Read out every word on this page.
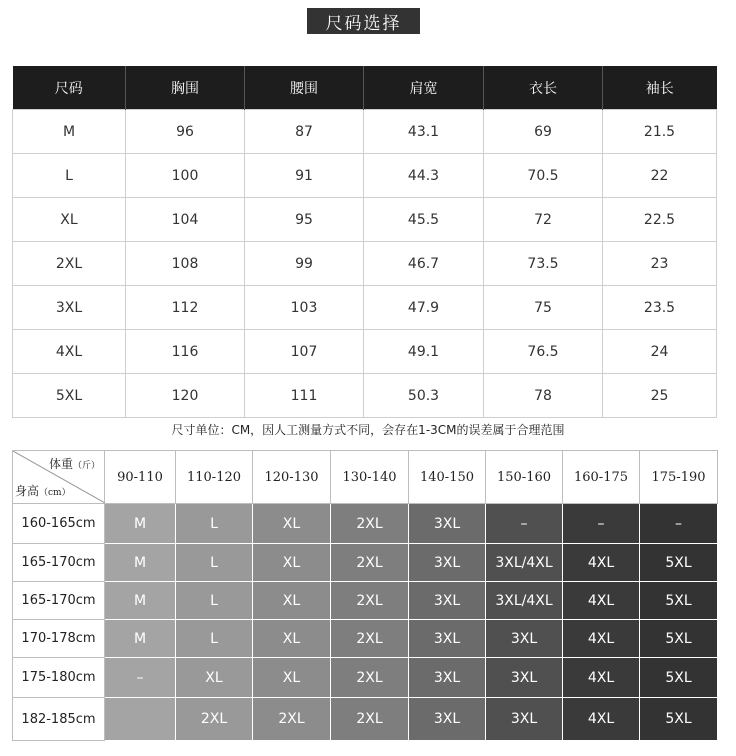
尺码选择
尺码	胸围	腰围	肩宽	衣长	袖长
M	96	87	43.1	69	21.5
L	100	91	44.3	70.5	22
XL	104	95	45.5	72	22.5
2XL	108	99	46.7	73.5	23
3XL	112	103	47.9	75	23.5
4XL	116	107	49.1	76.5	24
5XL	120	111	50.3	78	25
尺寸单位：CM，因人工测量方式不同，会存在1-3CM的误差属于合理范围
体重（斤）
身高（cm）	90-110	110-120	120-130	130-140	140-150	150-160	160-175	175-190
160-165cm	M	L	XL	2XL	3XL	–	–	–
165-170cm	M	L	XL	2XL	3XL	3XL/4XL	4XL	5XL
165-170cm	M	L	XL	2XL	3XL	3XL/4XL	4XL	5XL
170-178cm	M	L	XL	2XL	3XL	3XL	4XL	5XL
175-180cm	–	XL	XL	2XL	3XL	3XL	4XL	5XL
182-185cm		2XL	2XL	2XL	3XL	3XL	4XL	5XL
